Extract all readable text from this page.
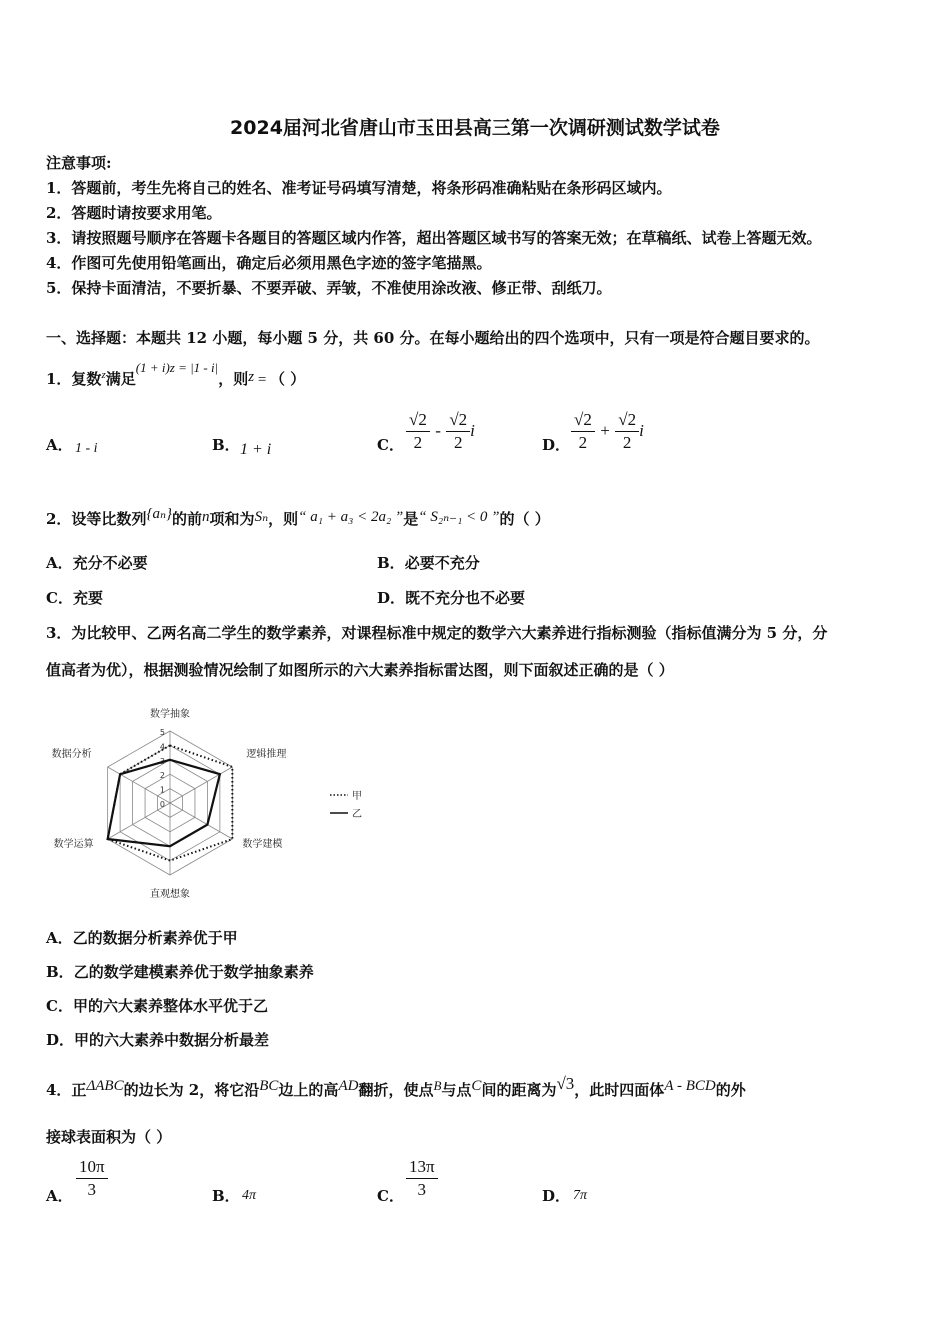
2024届河北省唐山市玉田县高三第一次调研测试数学试卷
注意事项:
1．答题前，考生先将自己的姓名、准考证号码填写清楚，将条形码准确粘贴在条形码区域内。
2．答题时请按要求用笔。
3．请按照题号顺序在答题卡各题目的答题区域内作答，超出答题区域书写的答案无效；在草稿纸、试卷上答题无效。
4．作图可先使用铅笔画出，确定后必须用黑色字迹的签字笔描黑。
5．保持卡面清洁，不要折暴、不要弄破、弄皱，不准使用涂改液、修正带、刮纸刀。
一、选择题：本题共 12 小题，每小题 5 分，共 60 分。在每小题给出的四个选项中，只有一项是符合题目要求的。
1．复数$^z$满足(1 + i)z = |1 - i|，则z = （ ）
A． 1 - i	B． 1 + i	C． $\frac{√2}{2} - \frac{√2}{2}$ i
D． $\frac{√2}{2} + \frac{√2}{2}$ i
2．设等比数列{aₙ}的前n项和为Sₙ，则“ a₁ + a₃ < 2a₂ ”是“ S₂ₙ₋₁ < 0 ”的（ ）
A．充分不必要	B．必要不充分
C．充要	D．既不充分也不必要
3．为比较甲、乙两名高二学生的数学素养，对课程标准中规定的数学六大素养进行指标测验（指标值满分为 5 分，分
值高者为优），根据测验情况绘制了如图所示的六大素养指标雷达图，则下面叙述正确的是（ ）
5
4
3
2
1
0
数学抽象
逻辑推理
数学建模
直观想象
数学运算
数据分析
甲
乙
A．乙的数据分析素养优于甲
B．乙的数学建模素养优于数学抽象素养
C．甲的六大素养整体水平优于乙
D．甲的六大素养中数据分析最差
4．正ΔABC的边长为 2，将它沿BC边上的高AD翻折，使点B与点C间的距离为√3，此时四面体A - BCD的外
接球表面积为（ ）
A． $\frac{10\pi}{3}$	B． 4π	C． $\frac{13\pi}{3}$	D． 7π
